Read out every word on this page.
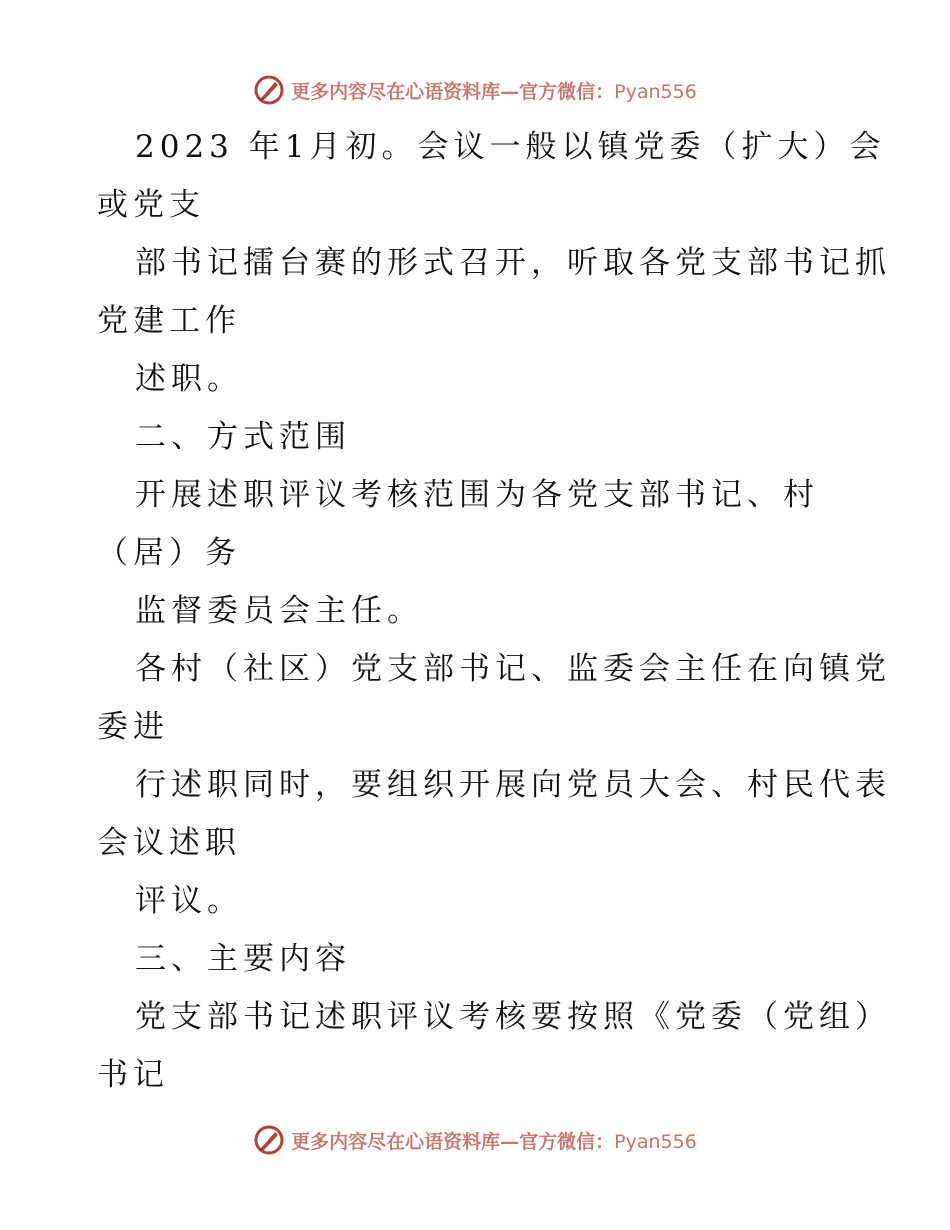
更多内容尽在心语资料库—官方微信：Pyan556
2023 年1月初。会议一般以镇党委（扩大）会
或党支
部书记擂台赛的形式召开，听取各党支部书记抓
党建工作
述职。
二、方式范围
开展述职评议考核范围为各党支部书记、村
（居）务
监督委员会主任。
各村（社区）党支部书记、监委会主任在向镇党
委进
行述职同时，要组织开展向党员大会、村民代表
会议述职
评议。
三、主要内容
党支部书记述职评议考核要按照《党委（党组）
书记
更多内容尽在心语资料库—官方微信：Pyan556
